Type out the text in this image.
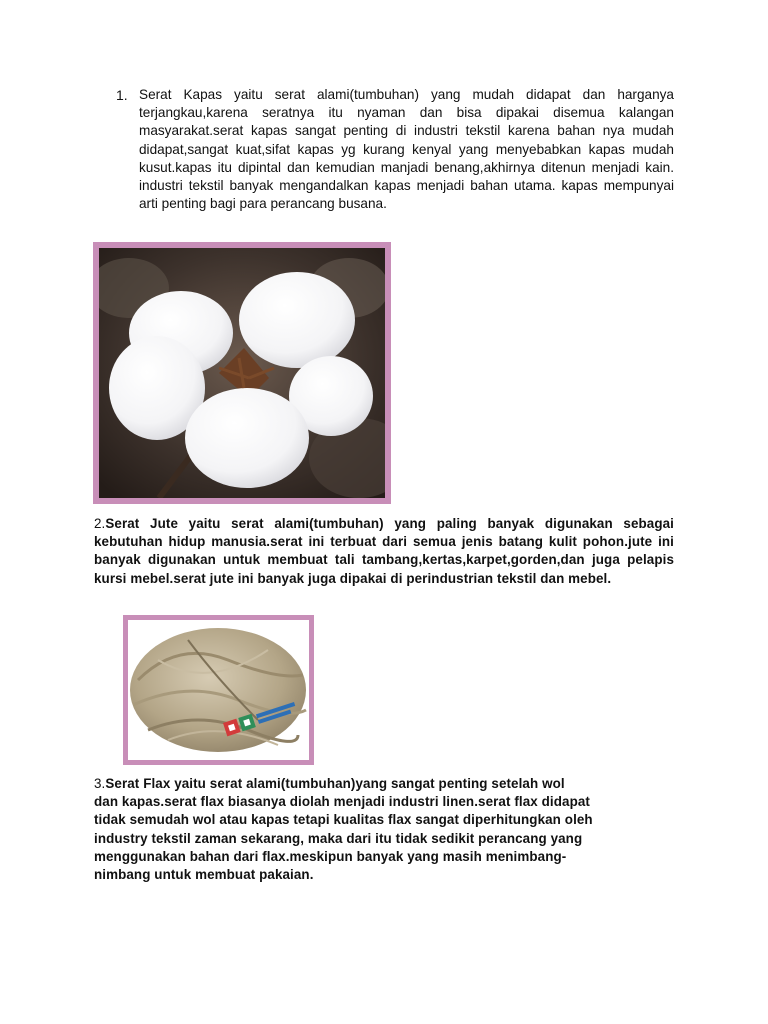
1. Serat Kapas yaitu serat alami(tumbuhan) yang mudah didapat dan harganya terjangkau,karena seratnya itu nyaman dan bisa dipakai disemua kalangan masyarakat.serat kapas sangat penting di industri tekstil karena bahan nya mudah didapat,sangat kuat,sifat kapas yg kurang kenyal yang menyebabkan kapas mudah kusut.kapas itu dipintal dan kemudian manjadi benang,akhirnya ditenun menjadi kain. industri tekstil banyak mengandalkan kapas menjadi bahan utama. kapas mempunyai arti penting bagi para perancang busana.
2.Serat Jute yaitu serat alami(tumbuhan) yang paling banyak digunakan sebagai kebutuhan hidup manusia.serat ini terbuat dari semua jenis batang kulit pohon.jute ini banyak digunakan untuk membuat tali tambang,kertas,karpet,gorden,dan juga pelapis kursi mebel.serat jute ini banyak juga dipakai di perindustrian tekstil dan mebel.

3.Serat Flax yaitu serat alami(tumbuhan)yang sangat penting setelah wol

dan kapas.serat flax biasanya diolah menjadi industri linen.serat flax didapat

tidak semudah wol atau kapas tetapi kualitas flax sangat diperhitungkan oleh

industry tekstil zaman sekarang, maka dari itu tidak sedikit perancang yang

menggunakan bahan dari flax.meskipun banyak yang masih menimbang-

nimbang untuk membuat pakaian.
